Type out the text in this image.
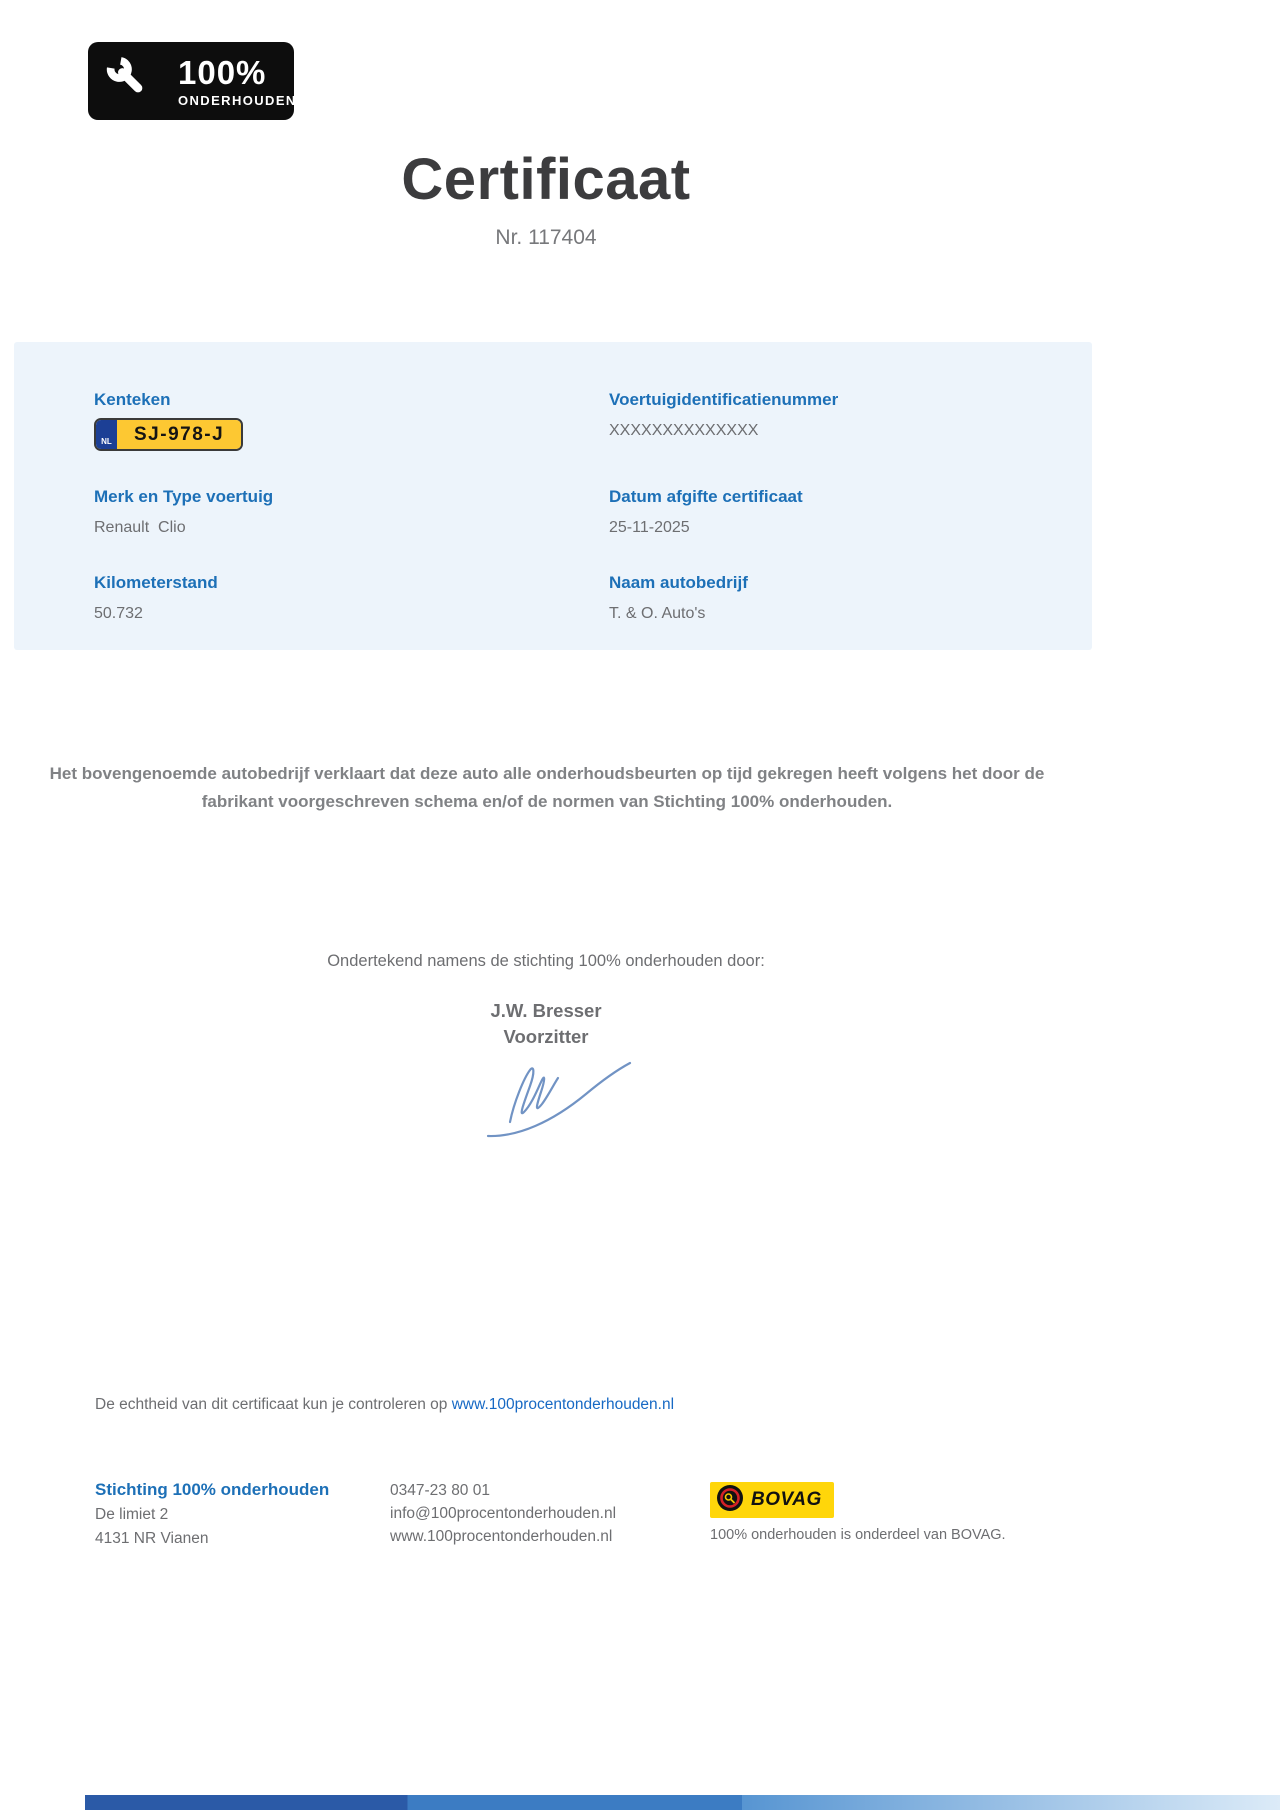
100%
ONDERHOUDEN
Certificaat
Nr. 117404
Kenteken
NL	SJ-978-J
Voertuigidentificatienummer
XXXXXXXXXXXXXX
Merk en Type voertuig
Renault  Clio
Datum afgifte certificaat
25-11-2025
Kilometerstand
50.732
Naam autobedrijf
T. & O. Auto's

Het bovengenoemde autobedrijf verklaart dat deze auto alle onderhoudsbeurten op tijd gekregen heeft volgens het door de fabrikant voorgeschreven schema en/of de normen van Stichting 100% onderhouden.

Ondertekend namens de stichting 100% onderhouden door:

J.W. Bresser
Voorzitter

De echtheid van dit certificaat kun je controleren op www.100procentonderhouden.nl

Stichting 100% onderhouden
De limiet 2
4131 NR Vianen
0347-23 80 01
info@100procentonderhouden.nl
www.100procentonderhouden.nl
BOVAG
100% onderhouden is onderdeel van BOVAG.
